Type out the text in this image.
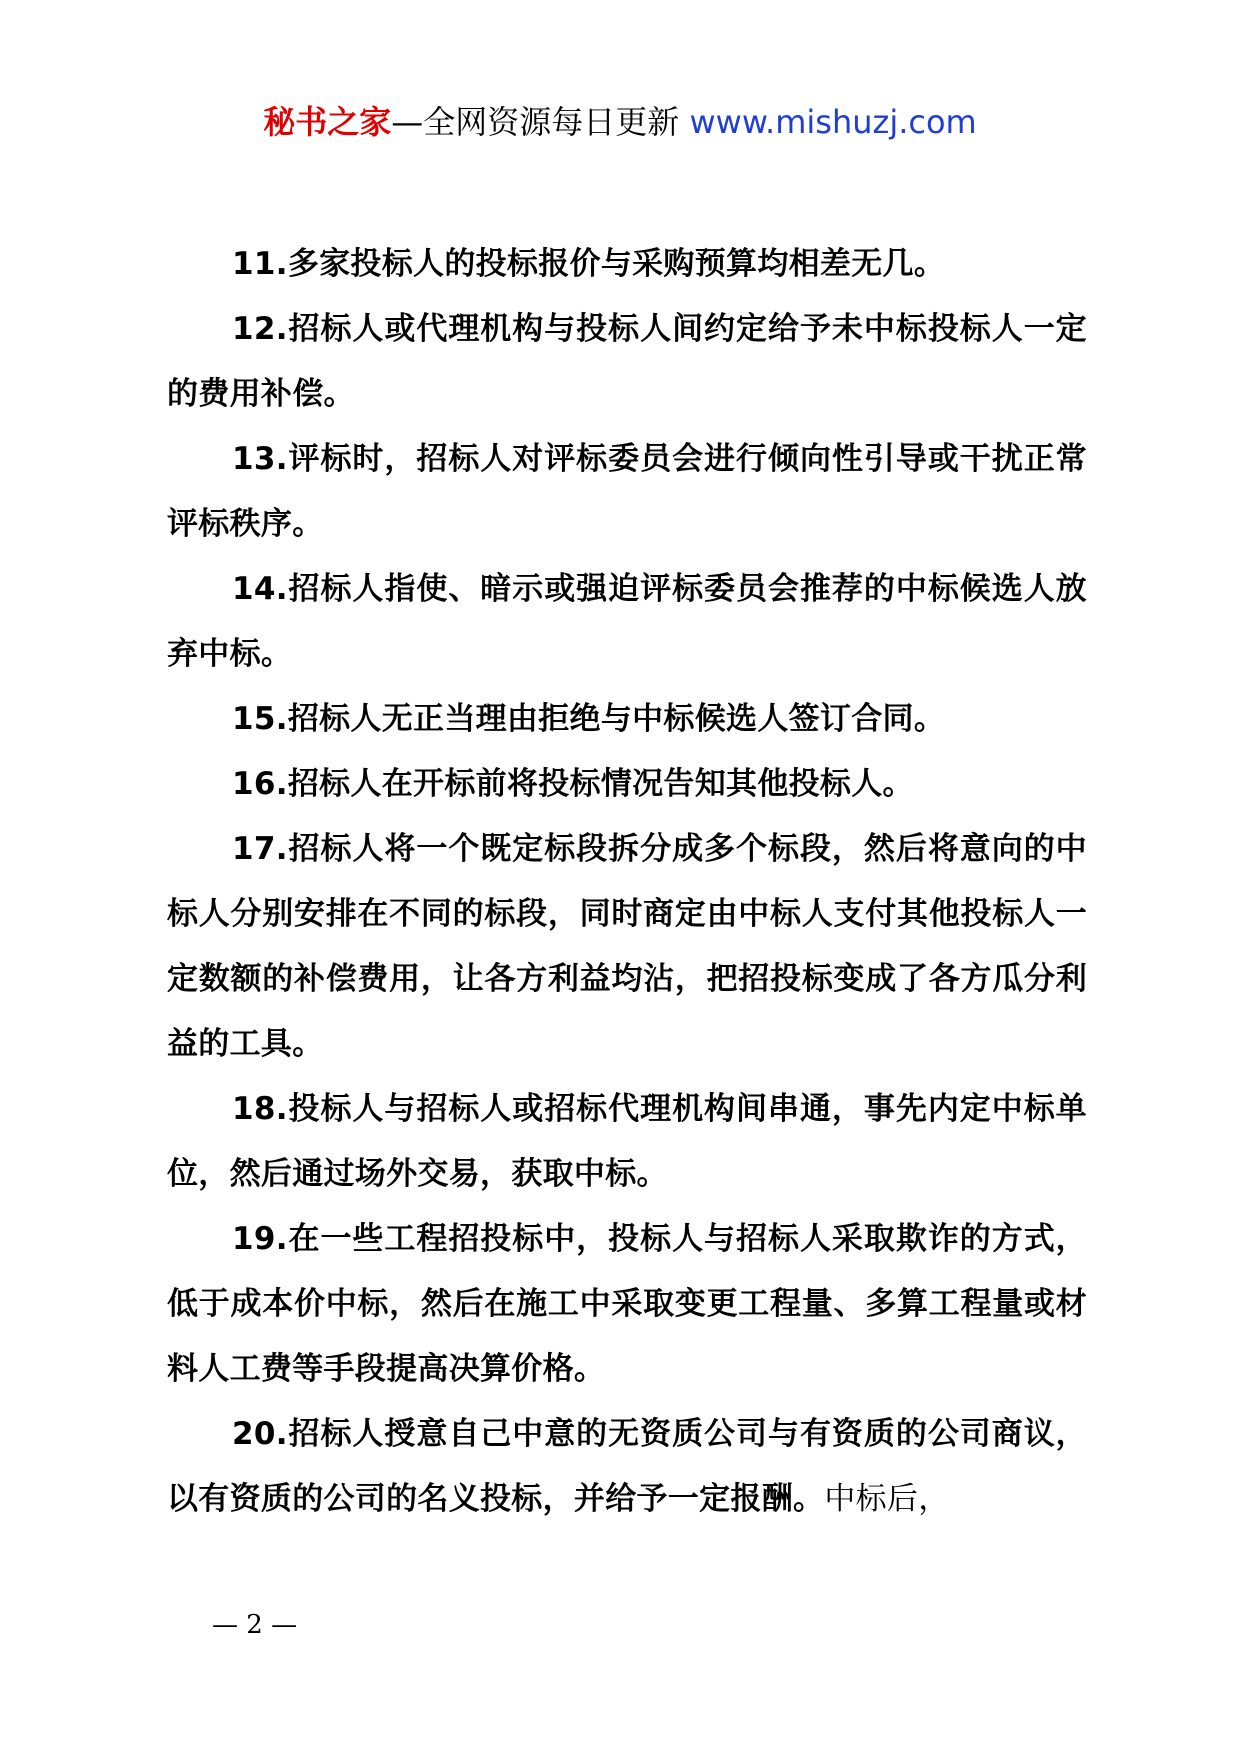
秘书之家—全网资源每日更新 www.mishuzj.com

11.多家投标人的投标报价与采购预算均相差无几。

12.招标人或代理机构与投标人间约定给予未中标投标人一定的费用补偿。

13.评标时，招标人对评标委员会进行倾向性引导或干扰正常评标秩序。

14.招标人指使、暗示或强迫评标委员会推荐的中标候选人放弃中标。

15.招标人无正当理由拒绝与中标候选人签订合同。

16.招标人在开标前将投标情况告知其他投标人。

17.招标人将一个既定标段拆分成多个标段，然后将意向的中标人分别安排在不同的标段，同时商定由中标人支付其他投标人一定数额的补偿费用，让各方利益均沾，把招投标变成了各方瓜分利益的工具。

18.投标人与招标人或招标代理机构间串通，事先内定中标单位，然后通过场外交易，获取中标。

19.在一些工程招投标中，投标人与招标人采取欺诈的方式，低于成本价中标，然后在施工中采取变更工程量、多算工程量或材料人工费等手段提高决算价格。

20.招标人授意自己中意的无资质公司与有资质的公司商议，以有资质的公司的名义投标，并给予一定报酬。中标后，

— 2 —
